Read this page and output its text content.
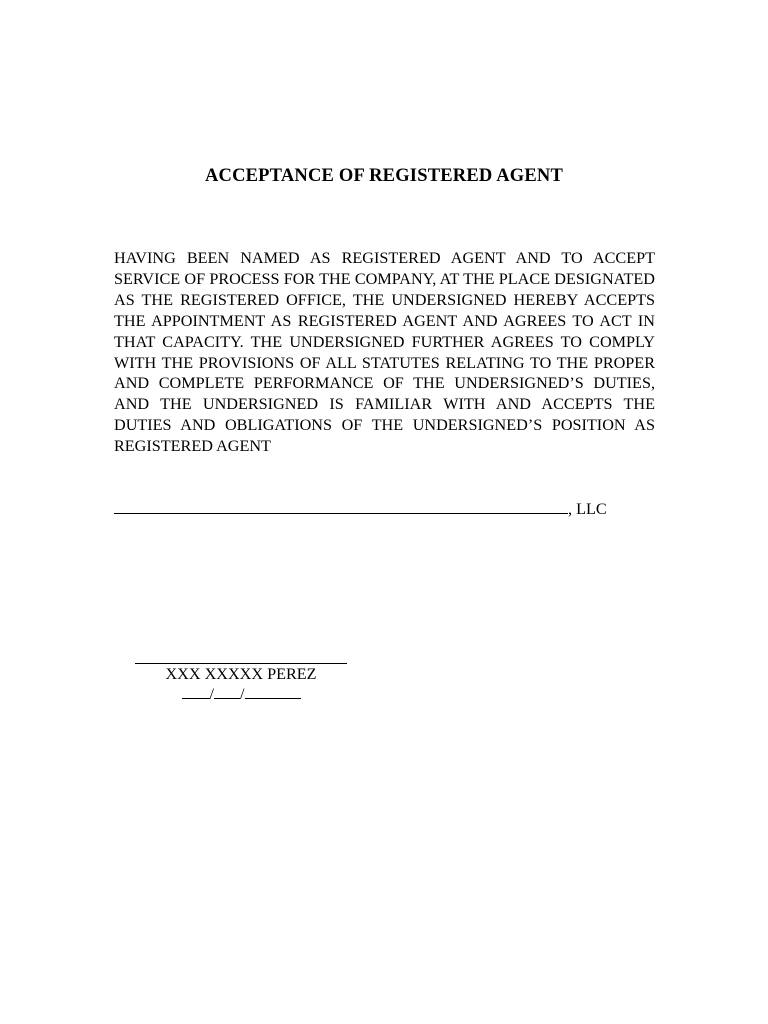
ACCEPTANCE OF REGISTERED AGENT

HAVING BEEN NAMED AS REGISTERED AGENT AND TO ACCEPT SERVICE OF PROCESS FOR THE COMPANY, AT THE PLACE DESIGNATED AS THE REGISTERED OFFICE, THE UNDERSIGNED HEREBY ACCEPTS THE APPOINTMENT AS REGISTERED AGENT AND AGREES TO ACT IN THAT CAPACITY. THE UNDERSIGNED FURTHER AGREES TO COMPLY WITH THE PROVISIONS OF ALL STATUTES RELATING TO THE PROPER AND COMPLETE PERFORMANCE OF THE UNDERSIGNED’S DUTIES, AND THE UNDERSIGNED IS FAMILIAR WITH AND ACCEPTS THE DUTIES AND OBLIGATIONS OF THE UNDERSIGNED’S POSITION AS REGISTERED AGENT

, LLC
XXX XXXXX PEREZ
/ /
